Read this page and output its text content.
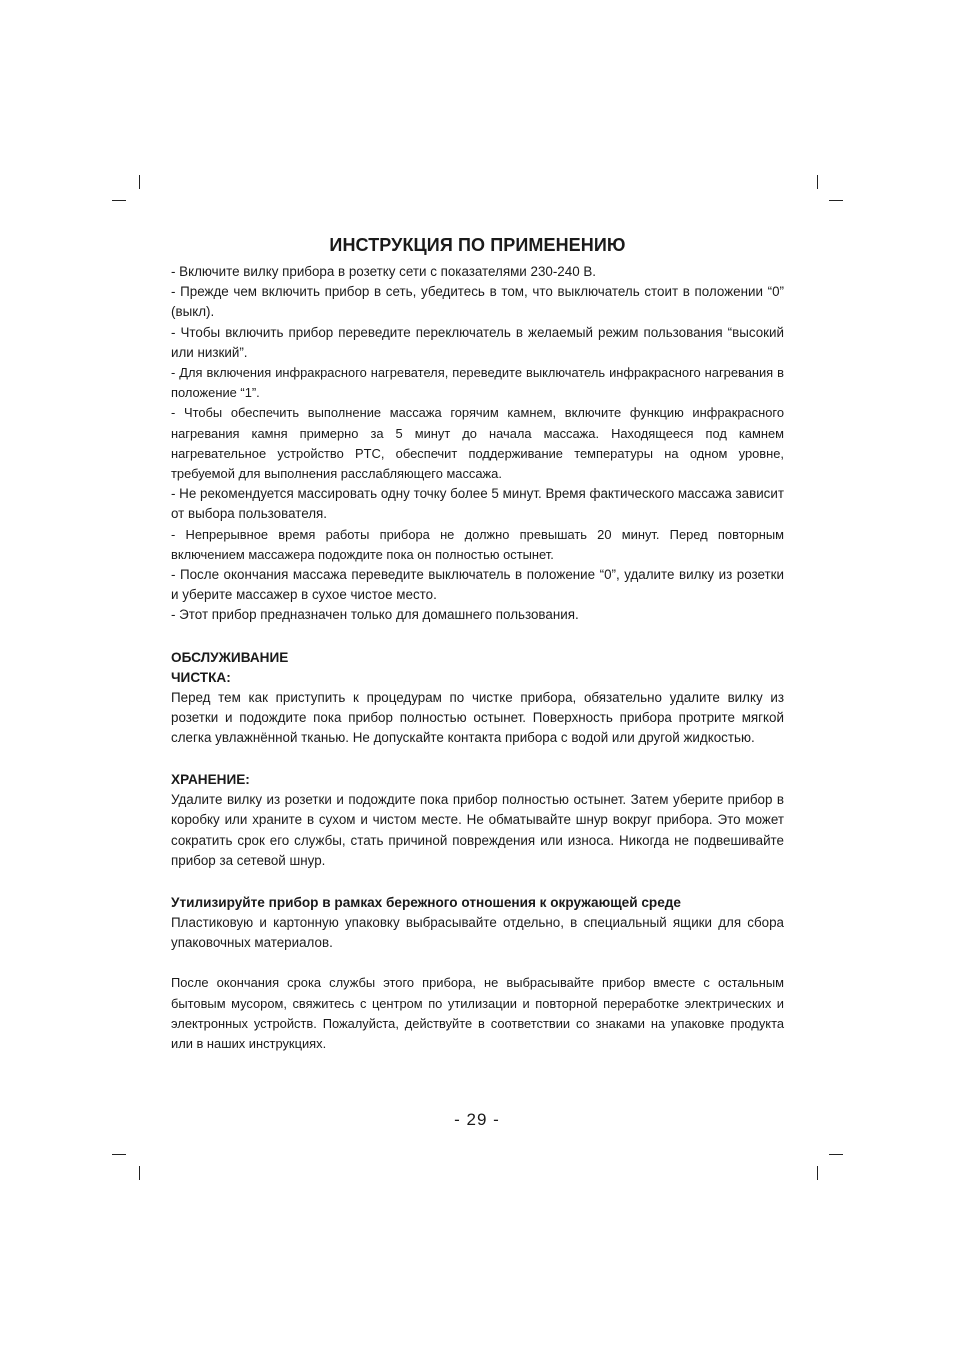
ИНСТРУКЦИЯ ПО ПРИМЕНЕНИЮ

- Включите вилку прибора в розетку сети с показателями 230-240 В.

- Прежде чем включить прибор в сеть, убедитесь в том, что выключатель стоит в положении “0” (выкл).

- Чтобы включить прибор переведите переключатель в желаемый режим пользования “высокий или низкий”.

- Для включения инфракрасного нагревателя, переведите выключатель инфракрасного нагревания в положение “1”.

- Чтобы обеспечить выполнение массажа горячим камнем, включите функцию инфракрасного нагревания камня примерно за 5 минут до начала массажа. Находящееся под камнем нагревательное устройство PTC, обеспечит поддерживание температуры на одном уровне, требуемой для выполнения расслабляющего массажа.

- Не рекомендуется массировать одну точку более 5 минут. Время фактического массажа зависит от выбора пользователя.

- Непрерывное время работы прибора не должно превышать 20 минут. Перед повторным включением массажера подождите пока он полностью остынет.

- После окончания массажа переведите выключатель в положение “0”, удалите вилку из розетки и уберите массажер в сухое чистое место.

- Этот прибор предназначен только для домашнего пользования.

ОБСЛУЖИВАНИЕ

ЧИСТКА:

Перед тем как приступить к процедурам по чистке прибора, обязательно удалите вилку из розетки и подождите пока прибор полностью остынет. Поверхность прибора протрите мягкой слегка увлажнённой тканью. Не допускайте контакта прибора с водой или другой жидкостью.

ХРАНЕНИЕ:

Удалите вилку из розетки и подождите пока прибор полностью остынет. Затем уберите прибор в коробку или храните в сухом и чистом месте. Не обматывайте шнур вокруг прибора. Это может сократить срок его службы, стать причиной повреждения или износа. Никогда не подвешивайте прибор за сетевой шнур.

Утилизируйте прибор в рамках бережного отношения к окружающей среде

Пластиковую и картонную упаковку выбрасывайте отдельно, в специальный ящики для сбора упаковочных материалов.

После окончания срока службы этого прибора, не выбрасывайте прибор вместе с остальным бытовым мусором, свяжитесь с центром по утилизации и повторной переработке электрических и электронных устройств. Пожалуйста, действуйте в соответствии со знаками на упаковке продукта или в наших инструкциях.

- 29 -
